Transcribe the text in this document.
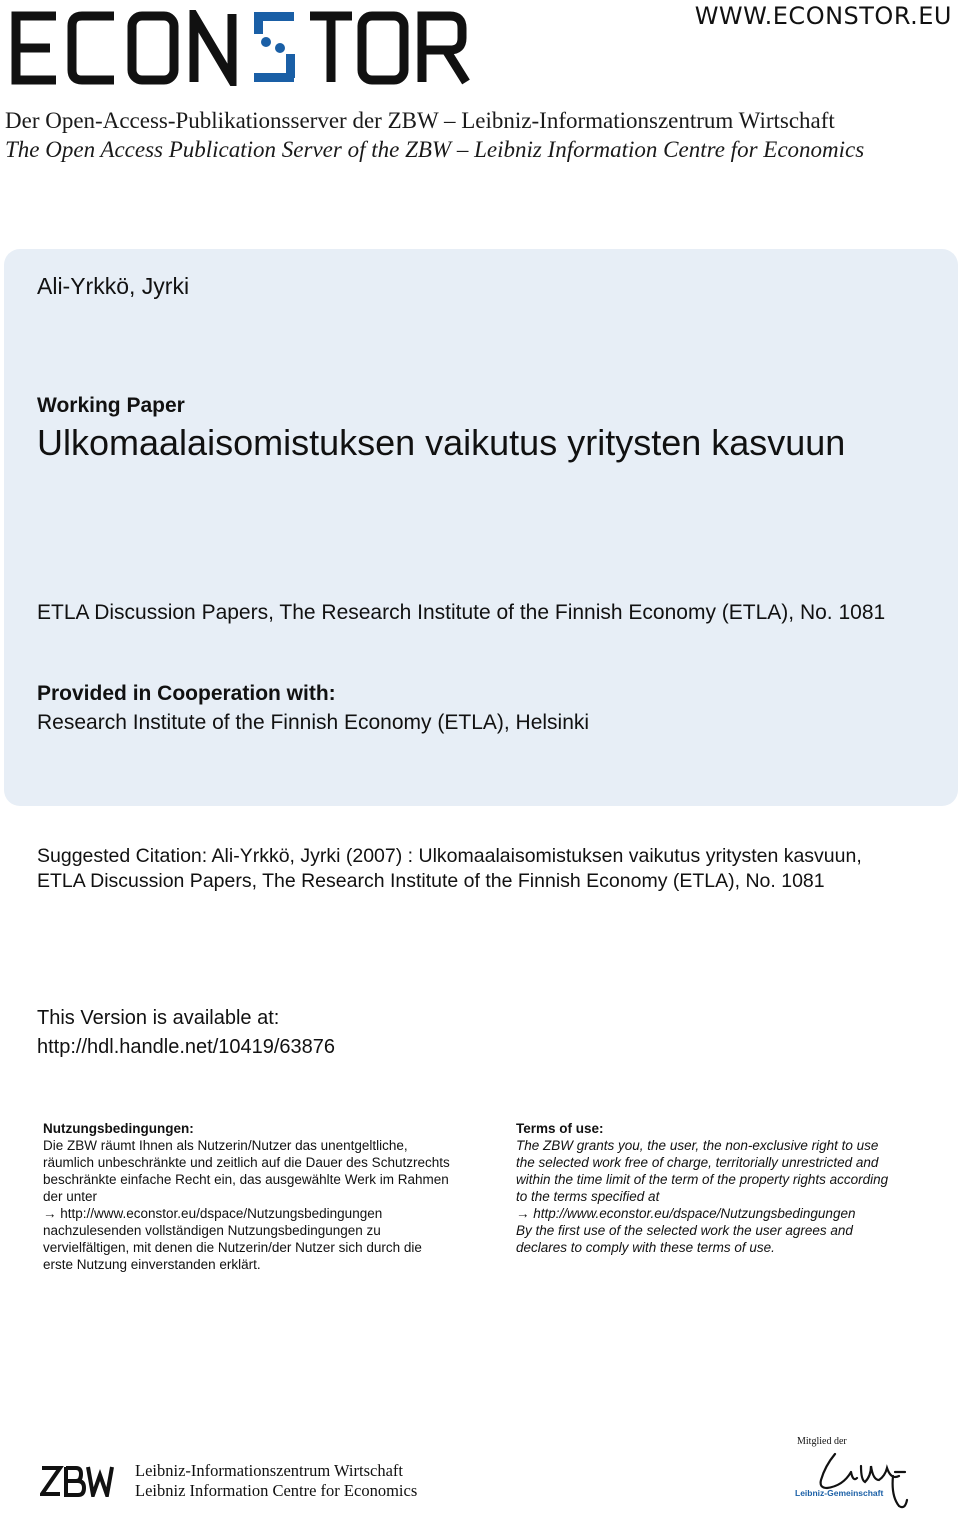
WWW.ECONSTOR.EU
Der Open-Access-Publikationsserver der ZBW – Leibniz-Informationszentrum Wirtschaft
The Open Access Publication Server of the ZBW – Leibniz Information Centre for Economics
Ali-Yrkkö, Jyrki
Working Paper
Ulkomaalaisomistuksen vaikutus yritysten kasvuun
ETLA Discussion Papers, The Research Institute of the Finnish Economy (ETLA), No. 1081
Provided in Cooperation with:
Research Institute of the Finnish Economy (ETLA), Helsinki
Suggested Citation: Ali-Yrkkö, Jyrki (2007) : Ulkomaalaisomistuksen vaikutus yritysten kasvuun,
ETLA Discussion Papers, The Research Institute of the Finnish Economy (ETLA), No. 1081
This Version is available at:
http://hdl.handle.net/10419/63876
Nutzungsbedingungen:
Die ZBW räumt Ihnen als Nutzerin/Nutzer das unentgeltliche,
räumlich unbeschränkte und zeitlich auf die Dauer des Schutzrechts
beschränkte einfache Recht ein, das ausgewählte Werk im Rahmen
der unter
→ http://www.econstor.eu/dspace/Nutzungsbedingungen
nachzulesenden vollständigen Nutzungsbedingungen zu
vervielfältigen, mit denen die Nutzerin/der Nutzer sich durch die
erste Nutzung einverstanden erklärt.
Terms of use:
The ZBW grants you, the user, the non-exclusive right to use
the selected work free of charge, territorially unrestricted and
within the time limit of the term of the property rights according
to the terms specified at
→ http://www.econstor.eu/dspace/Nutzungsbedingungen
By the first use of the selected work the user agrees and
declares to comply with these terms of use.
Leibniz-Informationszentrum Wirtschaft
Leibniz Information Centre for Economics
Mitglied der
Leibniz-Gemeinschaft
